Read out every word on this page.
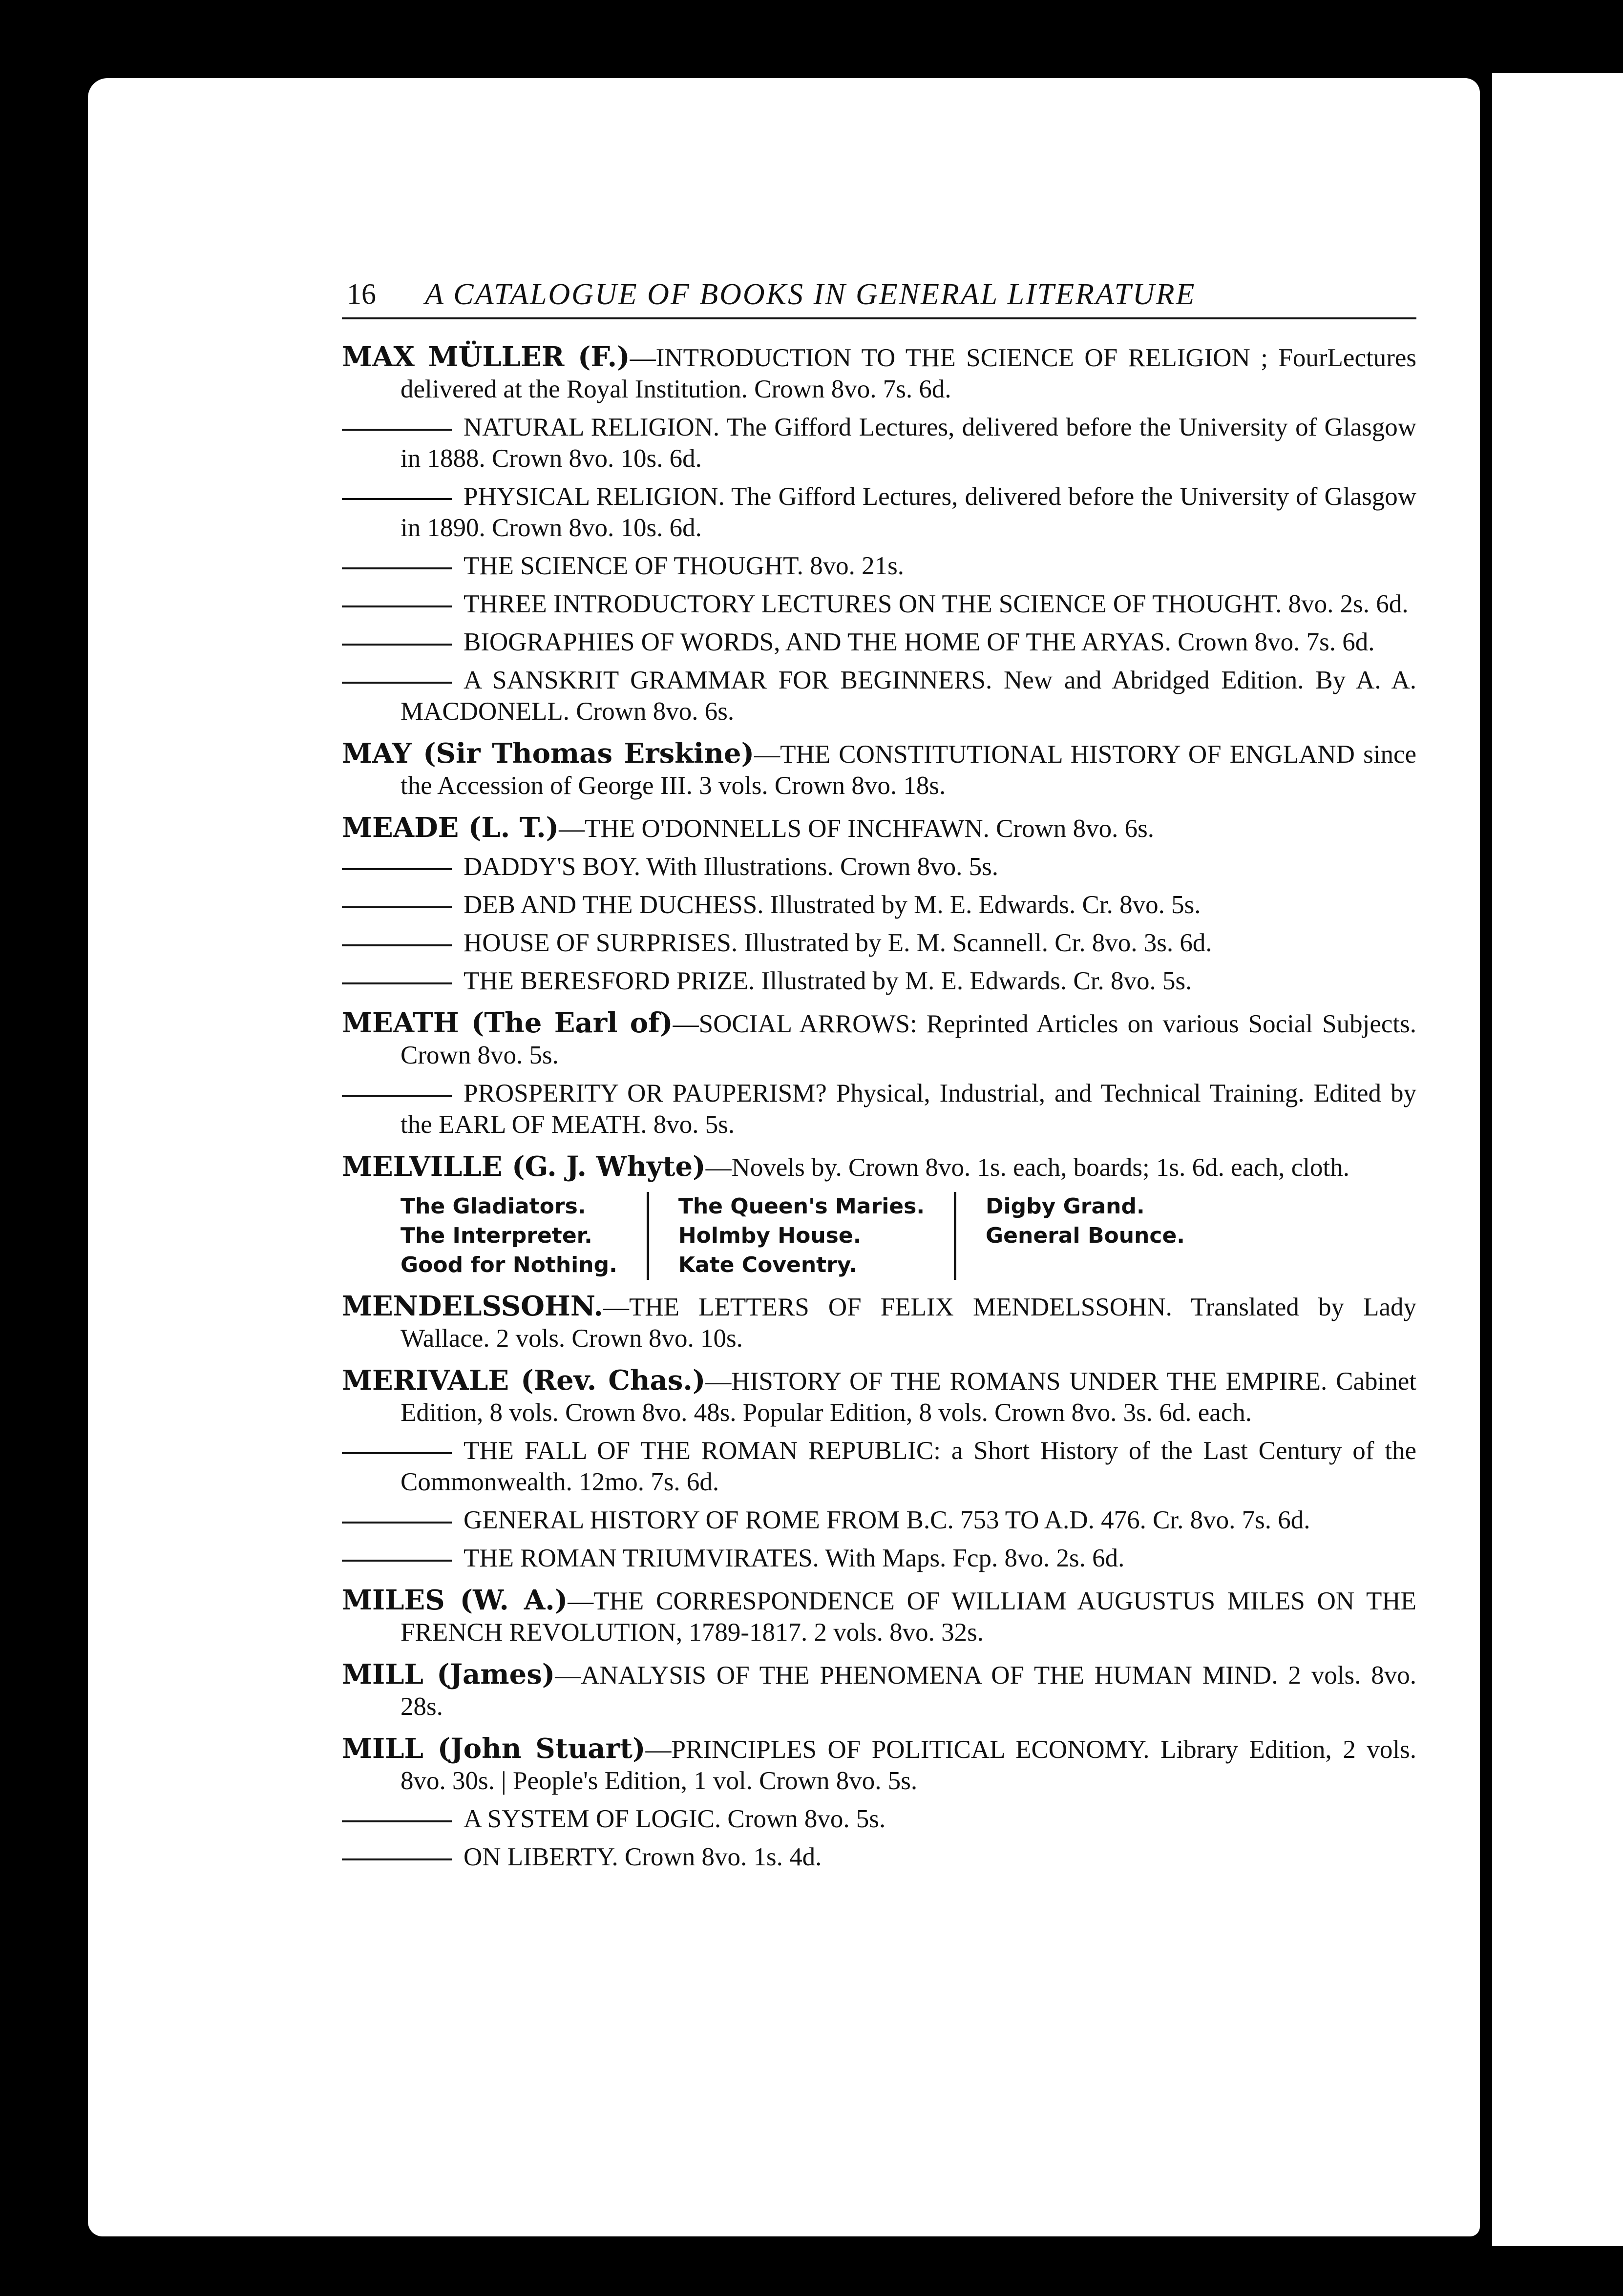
16 A CATALOGUE OF BOOKS IN GENERAL LITERATURE

MAX MÜLLER (F.)—INTRODUCTION TO THE SCIENCE OF RELIGION ; FourLectures delivered at the Royal Institution. Crown 8vo. 7s. 6d.

NATURAL RELIGION. The Gifford Lectures, delivered before the University of Glasgow in 1888. Crown 8vo. 10s. 6d.

PHYSICAL RELIGION. The Gifford Lectures, delivered before the University of Glasgow in 1890. Crown 8vo. 10s. 6d.

THE SCIENCE OF THOUGHT. 8vo. 21s.

THREE INTRODUCTORY LECTURES ON THE SCIENCE OF THOUGHT. 8vo. 2s. 6d.

BIOGRAPHIES OF WORDS, AND THE HOME OF THE ARYAS. Crown 8vo. 7s. 6d.

A SANSKRIT GRAMMAR FOR BEGINNERS. New and Abridged Edition. By A. A. MACDONELL. Crown 8vo. 6s.

MAY (Sir Thomas Erskine)—THE CONSTITUTIONAL HISTORY OF ENGLAND since the Accession of George III. 3 vols. Crown 8vo. 18s.

MEADE (L. T.)—THE O'DONNELLS OF INCHFAWN. Crown 8vo. 6s.

DADDY'S BOY. With Illustrations. Crown 8vo. 5s.

DEB AND THE DUCHESS. Illustrated by M. E. Edwards. Cr. 8vo. 5s.

HOUSE OF SURPRISES. Illustrated by E. M. Scannell. Cr. 8vo. 3s. 6d.

THE BERESFORD PRIZE. Illustrated by M. E. Edwards. Cr. 8vo. 5s.

MEATH (The Earl of)—SOCIAL ARROWS: Reprinted Articles on various Social Subjects. Crown 8vo. 5s.

PROSPERITY OR PAUPERISM? Physical, Industrial, and Technical Training. Edited by the EARL OF MEATH. 8vo. 5s.

MELVILLE (G. J. Whyte)—Novels by. Crown 8vo. 1s. each, boards; 1s. 6d. each, cloth.

The Gladiators.
The Interpreter.
Good for Nothing.
The Queen's Maries.
Holmby House.
Kate Coventry.
Digby Grand.
General Bounce.

MENDELSSOHN.—THE LETTERS OF FELIX MENDELSSOHN. Translated by Lady Wallace. 2 vols. Crown 8vo. 10s.

MERIVALE (Rev. Chas.)—HISTORY OF THE ROMANS UNDER THE EMPIRE. Cabinet Edition, 8 vols. Crown 8vo. 48s. Popular Edition, 8 vols. Crown 8vo. 3s. 6d. each.

THE FALL OF THE ROMAN REPUBLIC: a Short History of the Last Century of the Commonwealth. 12mo. 7s. 6d.

GENERAL HISTORY OF ROME FROM B.C. 753 TO A.D. 476. Cr. 8vo. 7s. 6d.

THE ROMAN TRIUMVIRATES. With Maps. Fcp. 8vo. 2s. 6d.

MILES (W. A.)—THE CORRESPONDENCE OF WILLIAM AUGUSTUS MILES ON THE FRENCH REVOLUTION, 1789-1817. 2 vols. 8vo. 32s.

MILL (James)—ANALYSIS OF THE PHENOMENA OF THE HUMAN MIND. 2 vols. 8vo. 28s.

MILL (John Stuart)—PRINCIPLES OF POLITICAL ECONOMY. Library Edition, 2 vols. 8vo. 30s. | People's Edition, 1 vol. Crown 8vo. 5s.

A SYSTEM OF LOGIC. Crown 8vo. 5s.

ON LIBERTY. Crown 8vo. 1s. 4d.
